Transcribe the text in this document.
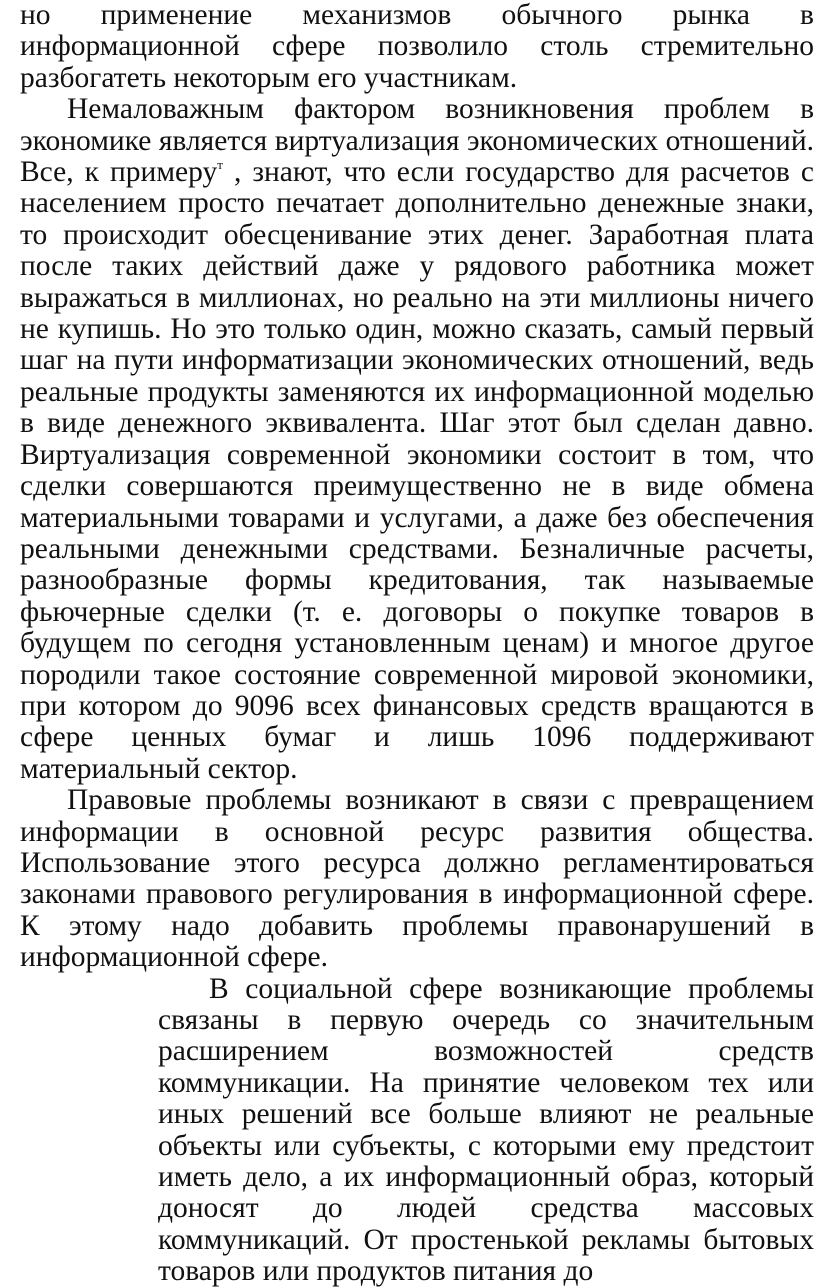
но применение механизмов обычного рынка в информационной сфере позволило столь стремительно разбогатеть некоторым его участникам.

Немаловажным фактором возникновения проблем в экономике является виртуализация экономических отношений. Все, к примеру$^т$ , знают, что если государство для расчетов с населением просто печатает дополнительно денежные знаки, то происходит обесценивание этих денег. Заработная плата после таких действий даже у рядового работника может выражаться в миллионах, но реально на эти миллионы ничего не купишь. Но это только один, можно сказать, самый первый шаг на пути информатизации экономических отношений, ведь реальные продукты заменяются их информационной моделью в виде денежного эквивалента. Шаг этот был сделан давно. Виртуализация современной экономики состоит в том, что сделки совершаются преимущественно не в виде обмена материальными товарами и услугами, а даже без обеспечения реальными денежными средствами. Безналичные расчеты, разнообразные формы кредитования, так называемые фьючерные сделки (т. е. договоры о покупке товаров в будущем по сегодня установленным ценам) и многое другое породили такое состояние современной мировой экономики, при котором до 9096 всех финансовых средств вращаются в сфере ценных бумаг и лишь 1096 поддерживают материальный сектор.

Правовые проблемы возникают в связи с превращением информации в основной ресурс развития общества. Использование этого ресурса должно регламентироваться законами правового регулирования в информационной сфере. К этому надо добавить проблемы правонарушений в информационной сфере.

В социальной сфере возникающие проблемы связаны в первую очередь со значительным расширением возможностей средств коммуникации. На принятие человеком тех или иных решений все больше влияют не реальные объекты или субъекты, с которыми ему предстоит иметь дело, а их информационный образ, который доносят до людей средства массовых коммуникаций. От простенькой рекламы бытовых товаров или продуктов питания до
